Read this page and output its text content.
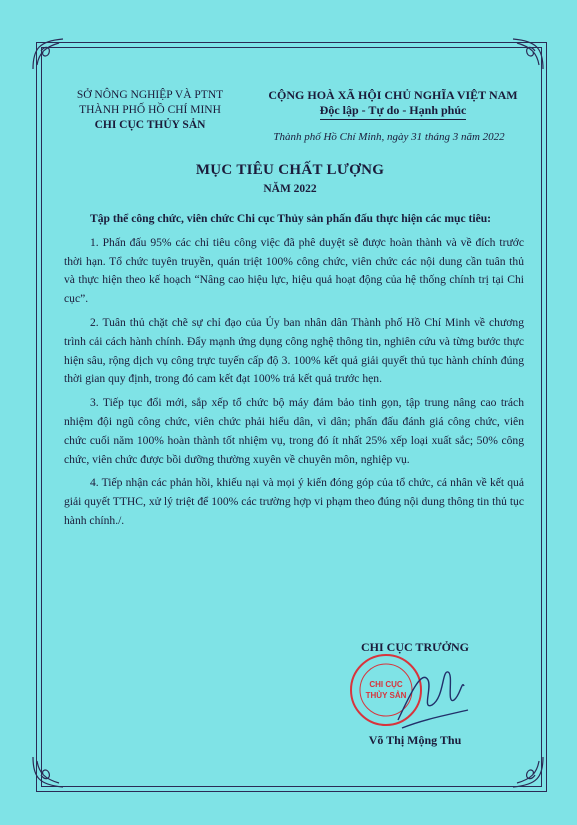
SỞ NÔNG NGHIỆP VÀ PTNT
THÀNH PHỐ HỒ CHÍ MINH
CHI CỤC THỦY SẢN
CỘNG HOÀ XÃ HỘI CHỦ NGHĨA VIỆT NAM
Độc lập - Tự do - Hạnh phúc
Thành phố Hồ Chí Minh, ngày 31 tháng 3 năm 2022
MỤC TIÊU CHẤT LƯỢNG
NĂM 2022

Tập thể công chức, viên chức Chi cục Thủy sản phấn đấu thực hiện các mục tiêu:

1. Phấn đấu 95% các chỉ tiêu công việc đã phê duyệt sẽ được hoàn thành và về đích trước thời hạn. Tổ chức tuyên truyền, quán triệt 100% công chức, viên chức các nội dung cần tuân thủ và thực hiện theo kế hoạch “Nâng cao hiệu lực, hiệu quả hoạt động của hệ thống chính trị tại Chi cục”.

2. Tuân thủ chặt chẽ sự chỉ đạo của Ủy ban nhân dân Thành phố Hồ Chí Minh về chương trình cải cách hành chính. Đẩy mạnh ứng dụng công nghệ thông tin, nghiên cứu và từng bước thực hiện sâu, rộng dịch vụ công trực tuyến cấp độ 3. 100% kết quả giải quyết thủ tục hành chính đúng thời gian quy định, trong đó cam kết đạt 100% trả kết quả trước hẹn.

3. Tiếp tục đổi mới, sắp xếp tổ chức bộ máy đảm bảo tinh gọn, tập trung nâng cao trách nhiệm đội ngũ công chức, viên chức phải hiểu dân, vì dân; phấn đấu đánh giá công chức, viên chức cuối năm 100% hoàn thành tốt nhiệm vụ, trong đó ít nhất 25% xếp loại xuất sắc; 50% công chức, viên chức được bồi dưỡng thường xuyên về chuyên môn, nghiệp vụ.

4. Tiếp nhận các phản hồi, khiếu nại và mọi ý kiến đóng góp của tổ chức, cá nhân về kết quả giải quyết TTHC, xử lý triệt để 100% các trường hợp vi phạm theo đúng nội dung thông tin thủ tục hành chính./.

CHI CỤC TRƯỞNG
CHI CỤC
THỦY SẢN
Võ Thị Mộng Thu
